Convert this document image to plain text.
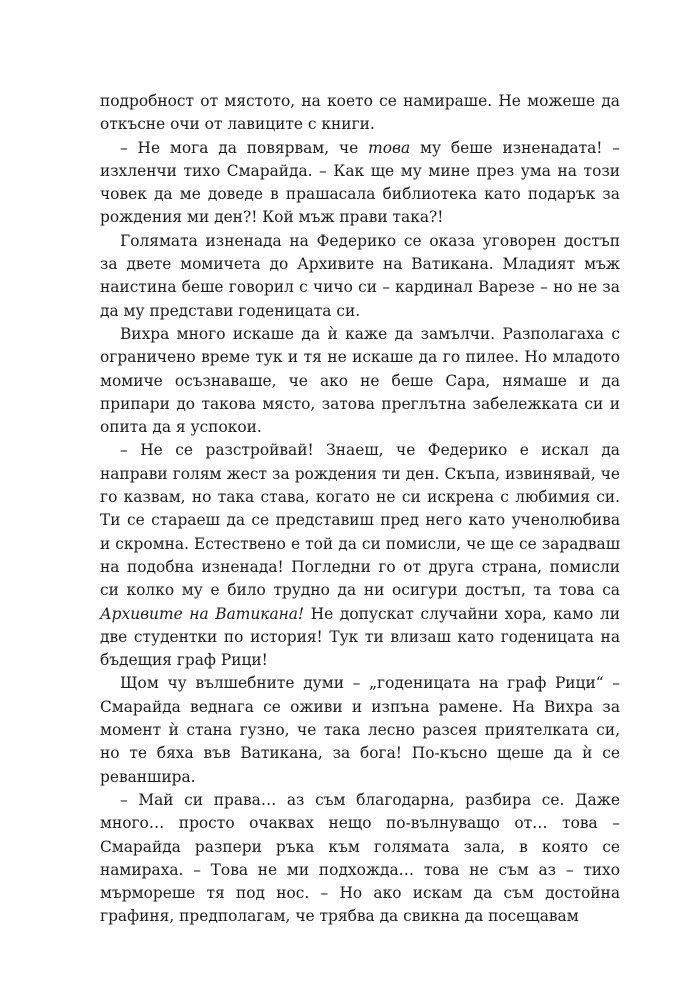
подробност от мястото, на което се намираше. Не можеше да откъсне очи от лавиците с книги.

– Не мога да повярвам, че това му беше изненадата! – изхленчи тихо Смарайда. – Как ще му мине през ума на този човек да ме доведе в прашасала библиотека като подарък за рождения ми ден?! Кой мъж прави така?!

Голямата изненада на Федерико се оказа уговорен достъп за двете момичета до Архивите на Ватикана. Младият мъж наистина беше говорил с чичо си – кардинал Варезе – но не за да му представи годеницата си.

Вихра много искаше да ѝ каже да замълчи. Разполагаха с ограничено време тук и тя не искаше да го пилее. Но младото момиче осъзнаваше, че ако не беше Сара, нямаше и да припари до такова място, затова преглътна забележката си и опита да я успокои.

– Не се разстройвай! Знаеш, че Федерико е искал да направи голям жест за рождения ти ден. Скъпа, извинявай, че го казвам, но така става, когато не си искрена с любимия си. Ти се стараеш да се представиш пред него като ученолюбива и скромна. Естествено е той да си помисли, че ще се зарадваш на подобна изненада! Погледни го от друга страна, помисли си колко му е било трудно да ни осигури достъп, та това са Архивите на Ватикана! Не допускат случайни хора, камо ли две студентки по история! Тук ти влизаш като годеницата на бъдещия граф Рици!

Щом чу вълшебните думи – „годеницата на граф Рици“ – Смарайда веднага се оживи и изпъна рамене. На Вихра за момент ѝ стана гузно, че така лесно разсея приятелката си, но те бяха във Ватикана, за бога! По-късно щеше да ѝ се реваншира.

– Май си права… аз съм благодарна, разбира се. Даже много… просто очаквах нещо по-вълнуващо от… това – Смарайда разпери ръка към голямата зала, в която се намираха. – Това не ми подхожда… това не съм аз – тихо мърмореше тя под нос. – Но ако искам да съм достойна графиня, предполагам, че трябва да свикна да посещавам
